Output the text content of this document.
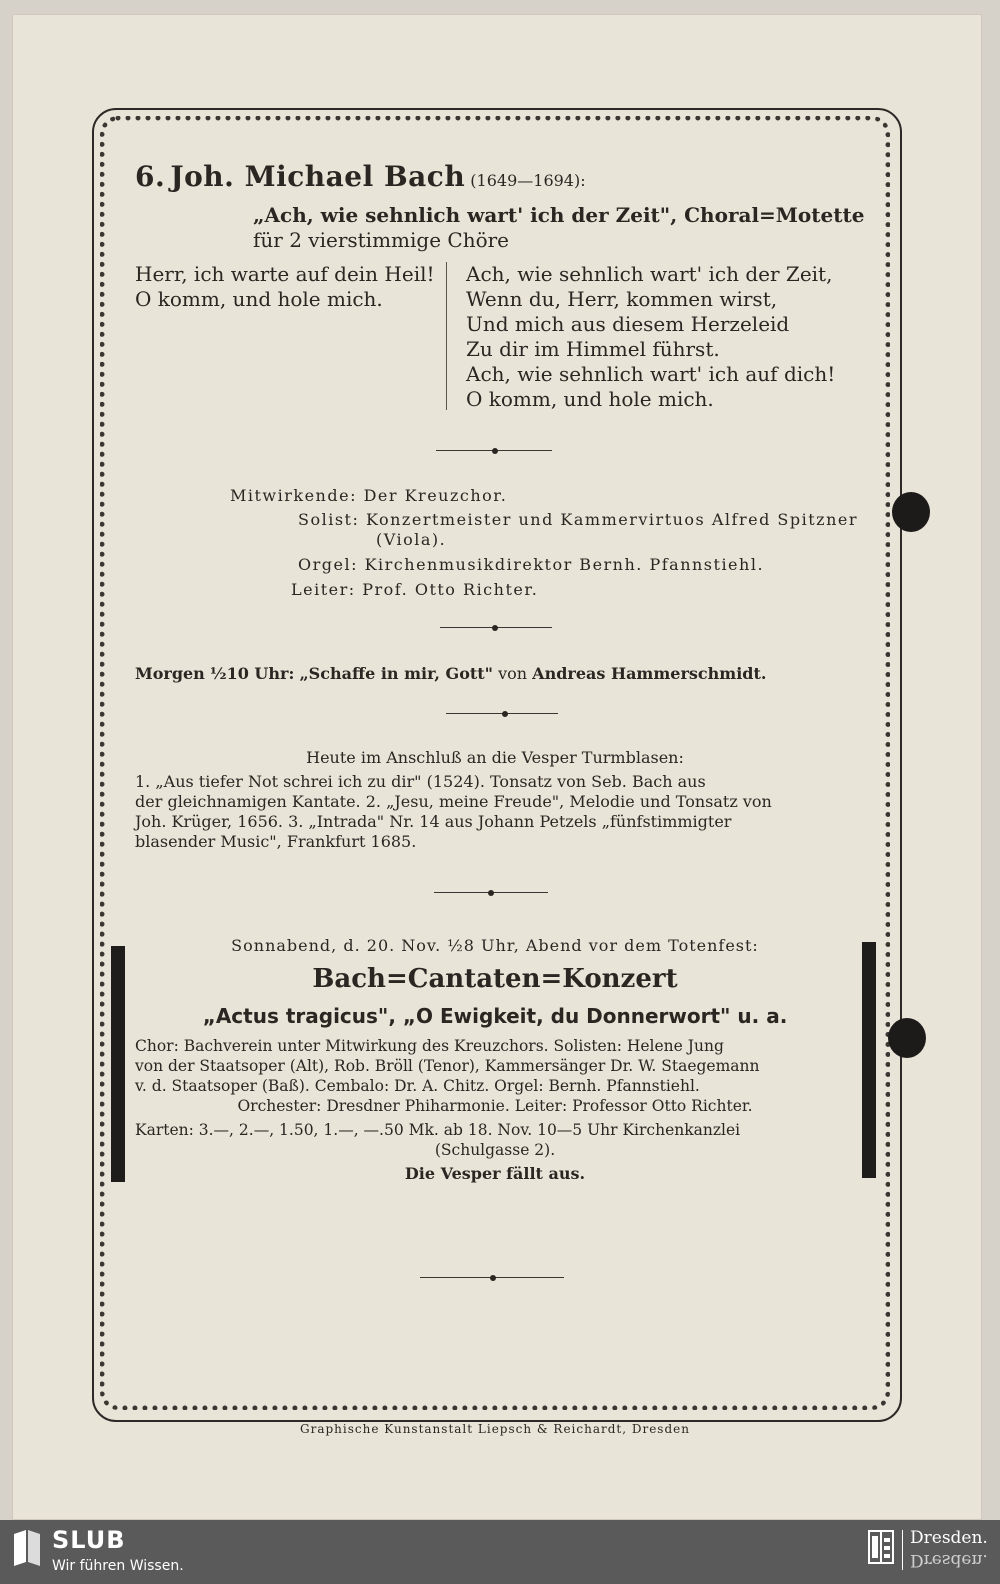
6. Joh. Michael Bach (1649—1694):
„Ach, wie sehnlich wart' ich der Zeit", Choral=Motette
für 2 vierstimmige Chöre
Herr, ich warte auf dein Heil!
O komm, und hole mich.
Ach, wie sehnlich wart' ich der Zeit,
Wenn du, Herr, kommen wirst,
Und mich aus diesem Herzeleid
Zu dir im Himmel führst.
Ach, wie sehnlich wart' ich auf dich!
O komm, und hole mich.
Mitwirkende: Der Kreuzchor.
Solist: Konzertmeister und Kammervirtuos Alfred Spitzner
(Viola).
Orgel: Kirchenmusikdirektor Bernh. Pfannstiehl.
Leiter: Prof. Otto Richter.
Morgen ½10 Uhr: „Schaffe in mir, Gott" von Andreas Hammerschmidt.
Heute im Anschluß an die Vesper Turmblasen:
1. „Aus tiefer Not schrei ich zu dir" (1524). Tonsatz von Seb. Bach aus
der gleichnamigen Kantate. 2. „Jesu, meine Freude", Melodie und Tonsatz von
Joh. Krüger, 1656. 3. „Intrada" Nr. 14 aus Johann Petzels „fünfstimmigter
blasender Music", Frankfurt 1685.
Sonnabend, d. 20. Nov. ½8 Uhr, Abend vor dem Totenfest:
Bach=Cantaten=Konzert
„Actus tragicus", „O Ewigkeit, du Donnerwort" u. a.
Chor: Bachverein unter Mitwirkung des Kreuzchors. Solisten: Helene Jung
von der Staatsoper (Alt), Rob. Bröll (Tenor), Kammersänger Dr. W. Staegemann
v. d. Staatsoper (Baß). Cembalo: Dr. A. Chitz. Orgel: Bernh. Pfannstiehl.
Orchester: Dresdner Phiharmonie. Leiter: Professor Otto Richter.
Karten: 3.—, 2.—, 1.50, 1.—, —.50 Mk. ab 18. Nov. 10—5 Uhr Kirchenkanzlei
(Schulgasse 2).
Die Vesper fällt aus.
Graphische Kunstanstalt Liepsch & Reichardt, Dresden
SLUB
Wir führen Wissen.
Dresden.
Dresden.
